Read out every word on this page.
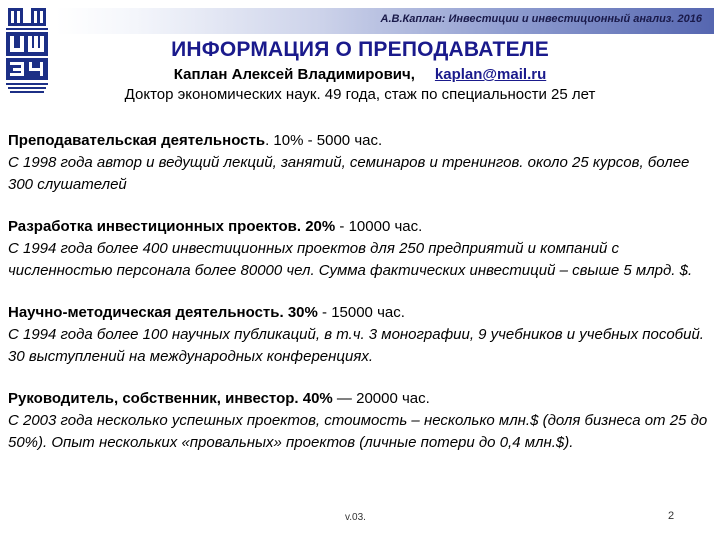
А.В.Каплан: Инвестиции и инвестиционный анализ. 2016
ИНФОРМАЦИЯ О ПРЕПОДАВАТЕЛЕ
Каплан Алексей Владимирович, kaplan@mail.ru
Доктор экономических наук. 49 года, стаж по специальности 25 лет
Преподавательская деятельность. 10% - 5000 час.
С 1998 года автор и ведущий лекций, занятий, семинаров и тренингов. около 25 курсов, более 300 слушателей
Разработка инвестиционных проектов. 20% - 10000 час.
С 1994 года более 400 инвестиционных проектов для 250 предприятий и компаний с численностью персонала более 80000 чел. Сумма фактических инвестиций – свыше 5 млрд. $.
Научно-методическая деятельность. 30% - 15000 час.
С 1994 года более 100 научных публикаций, в т.ч. 3 монографии, 9 учебников и учебных пособий. 30 выступлений на международных конференциях.
Руководитель, собственник, инвестор. 40% — 20000 час.
С 2003 года несколько успешных проектов, стоимость – несколько млн.$ (доля бизнеса от 25 до 50%). Опыт нескольких «провальных» проектов (личные потери до 0,4 млн.$).
v.03.	2
